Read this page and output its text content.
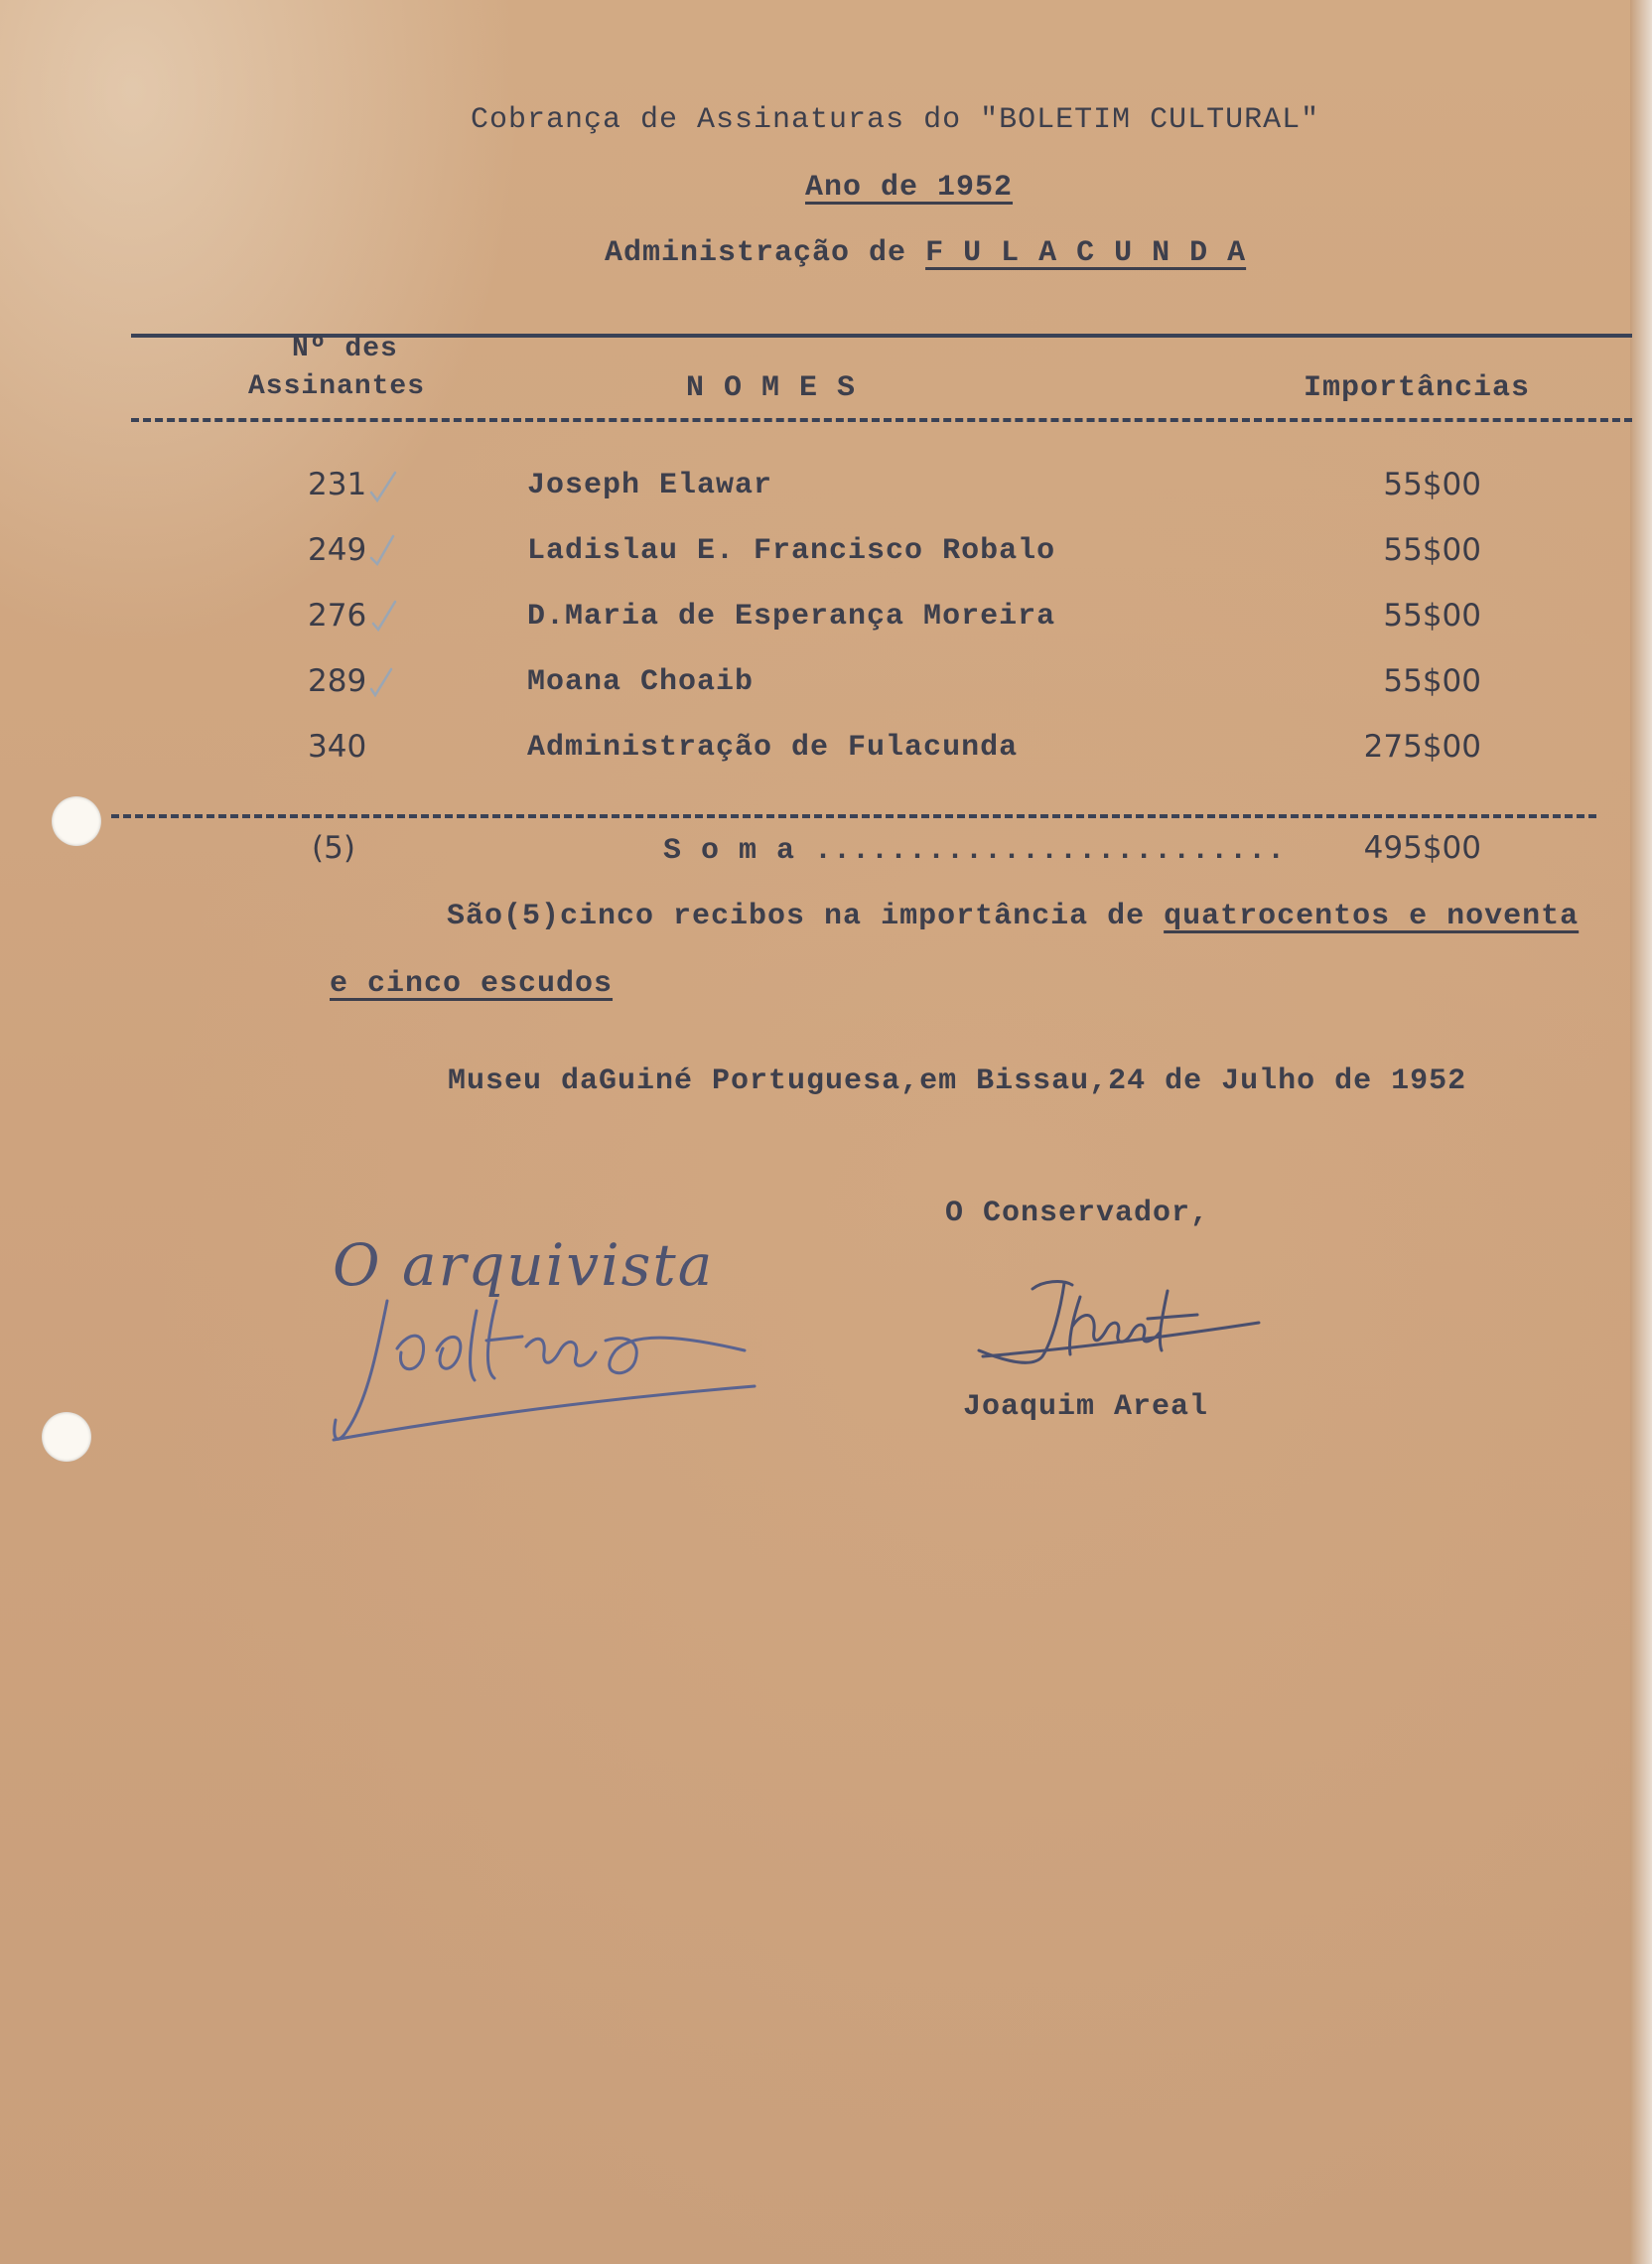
Cobrança de Assinaturas do "BOLETIM CULTURAL"
Ano de 1952
Administração de F U L A C U N D A
Nº des
Assinantes	N O M E S	Importâncias
231	Joseph Elawar	55$00
249	Ladislau E. Francisco Robalo	55$00
276	D.Maria de Esperança Moreira	55$00
289	Moana Choaib	55$00
340	Administração de Fulacunda	275$00
(5)	S o m a .........................	495$00
São(5)cinco recibos na importância de quatrocentos e noventa
e cinco escudos
Museu daGuiné Portuguesa,em Bissau,24 de Julho de 1952
O Conservador,
Joaquim Areal
O arquivista
